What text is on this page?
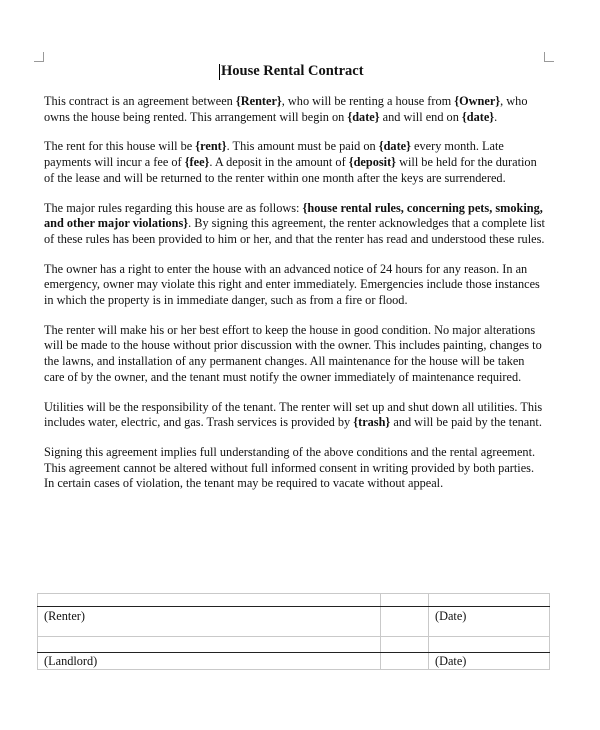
House Rental Contract

This contract is an agreement between {Renter}, who will be renting a house from {Owner}, who owns the house being rented. This arrangement will begin on {date} and will end on {date}.

The rent for this house will be {rent}. This amount must be paid on {date} every month. Late payments will incur a fee of {fee}. A deposit in the amount of {deposit} will be held for the duration of the lease and will be returned to the renter within one month after the keys are surrendered.

The major rules regarding this house are as follows: {house rental rules, concerning pets, smoking, and other major violations}. By signing this agreement, the renter acknowledges that a complete list of these rules has been provided to him or her, and that the renter has read and understood these rules.

The owner has a right to enter the house with an advanced notice of 24 hours for any reason. In an emergency, owner may violate this right and enter immediately. Emergencies include those instances in which the property is in immediate danger, such as from a fire or flood.

The renter will make his or her best effort to keep the house in good condition. No major alterations will be made to the house without prior discussion with the owner. This includes painting, changes to the lawns, and installation of any permanent changes. All maintenance for the house will be taken care of by the owner, and the tenant must notify the owner immediately of maintenance required.

Utilities will be the responsibility of the tenant. The renter will set up and shut down all utilities. This includes water, electric, and gas. Trash services is provided by {trash} and will be paid by the tenant.

Signing this agreement implies full understanding of the above conditions and the rental agreement. This agreement cannot be altered without full informed consent in writing provided by both parties. In certain cases of violation, the tenant may be required to vacate without appeal.

(Renter)		(Date)

(Landlord)		(Date)
